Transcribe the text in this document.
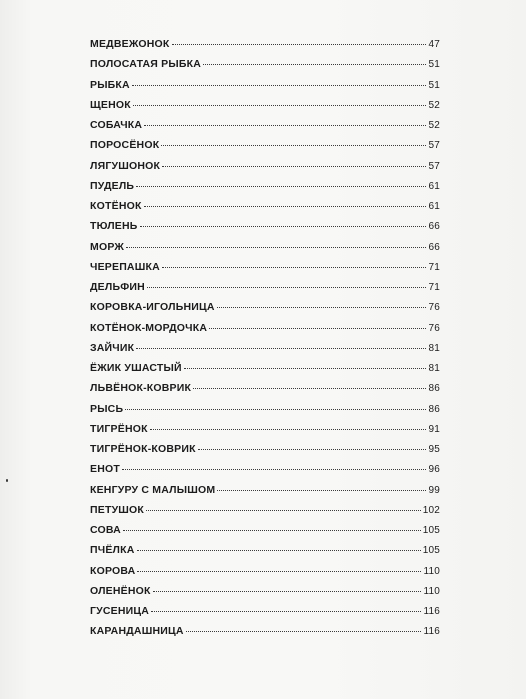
МЕДВЕЖОНОК	47
ПОЛОСАТАЯ РЫБКА	51
РЫБКА	51
ЩЕНОК	52
СОБАЧКА	52
ПОРОСЁНОК	57
ЛЯГУШОНОК	57
ПУДЕЛЬ	61
КОТЁНОК	61
ТЮЛЕНЬ	66
МОРЖ	66
ЧЕРЕПАШКА	71
ДЕЛЬФИН	71
КОРОВКА-ИГОЛЬНИЦА	76
КОТЁНОК-МОРДОЧКА	76
ЗАЙЧИК	81
ЁЖИК УШАСТЫЙ	81
ЛЬВЁНОК-КОВРИК	86
РЫСЬ	86
ТИГРЁНОК	91
ТИГРЁНОК-КОВРИК	95
ЕНОТ	96
КЕНГУРУ С МАЛЫШОМ	99
ПЕТУШОК	102
СОВА	105
ПЧЁЛКА	105
КОРОВА	110
ОЛЕНЁНОК	110
ГУСЕНИЦА	116
КАРАНДАШНИЦА	116
